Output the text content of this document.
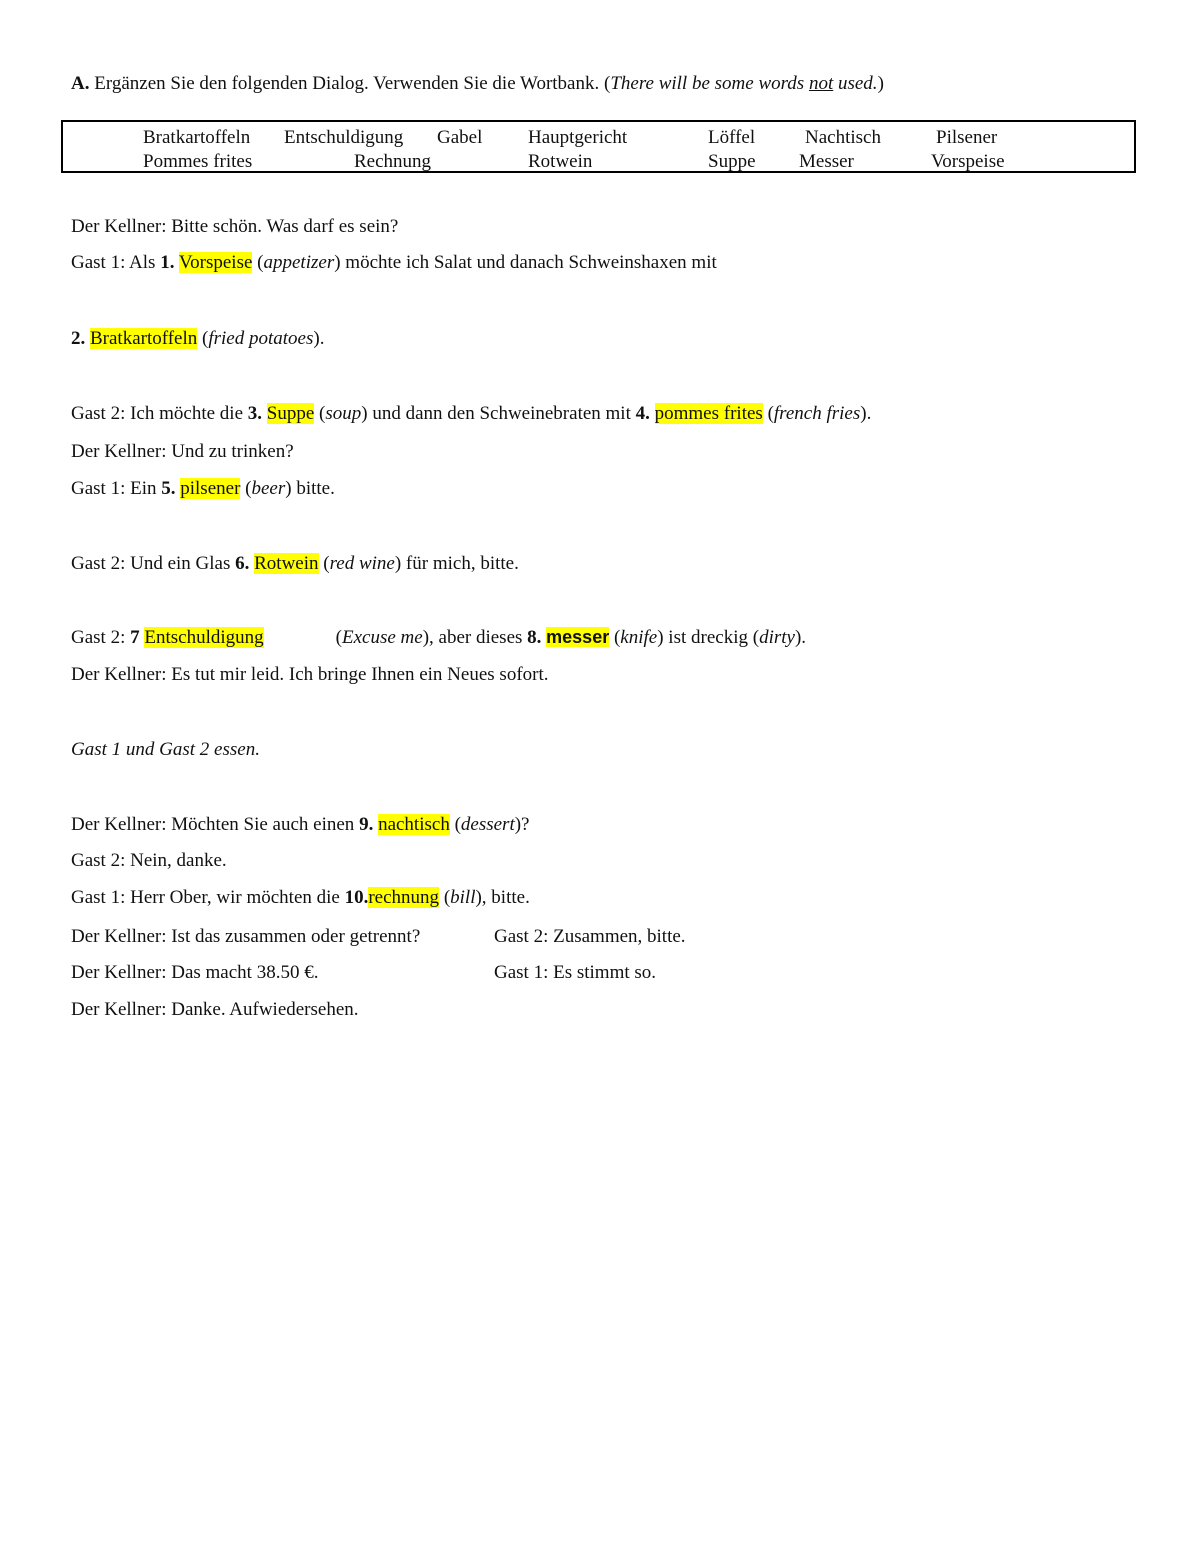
A. Ergänzen Sie den folgenden Dialog. Verwenden Sie die Wortbank. (There will be some words not used.)
Bratkartoffeln Entschuldigung Gabel Hauptgericht	Löffel	Nachtisch	Pilsener
Pommes frites	Rechnung	Rotwein	Suppe Messer	Vorspeise
Der Kellner: Bitte schön. Was darf es sein?
Gast 1: Als 1. Vorspeise (appetizer) möchte ich Salat und danach Schweinshaxen mit
2. Bratkartoffeln (fried potatoes).
Gast 2: Ich möchte die 3. Suppe (soup) und dann den Schweinebraten mit 4. pommes frites (french fries).
Der Kellner: Und zu trinken?
Gast 1: Ein 5. pilsener (beer) bitte.
Gast 2: Und ein Glas 6. Rotwein (red wine) für mich, bitte.
Gast 2: 7 Entschuldigung	(Excuse me), aber dieses 8. messer (knife) ist dreckig (dirty).
Der Kellner: Es tut mir leid. Ich bringe Ihnen ein Neues sofort.
Gast 1 und Gast 2 essen.
Der Kellner: Möchten Sie auch einen 9. nachtisch (dessert)?
Gast 2: Nein, danke.
Gast 1: Herr Ober, wir möchten die 10.rechnung (bill), bitte.
Der Kellner: Ist das zusammen oder getrennt?	Gast 2: Zusammen, bitte.
Der Kellner: Das macht 38.50 €.	Gast 1: Es stimmt so.
Der Kellner: Danke. Aufwiedersehen.
